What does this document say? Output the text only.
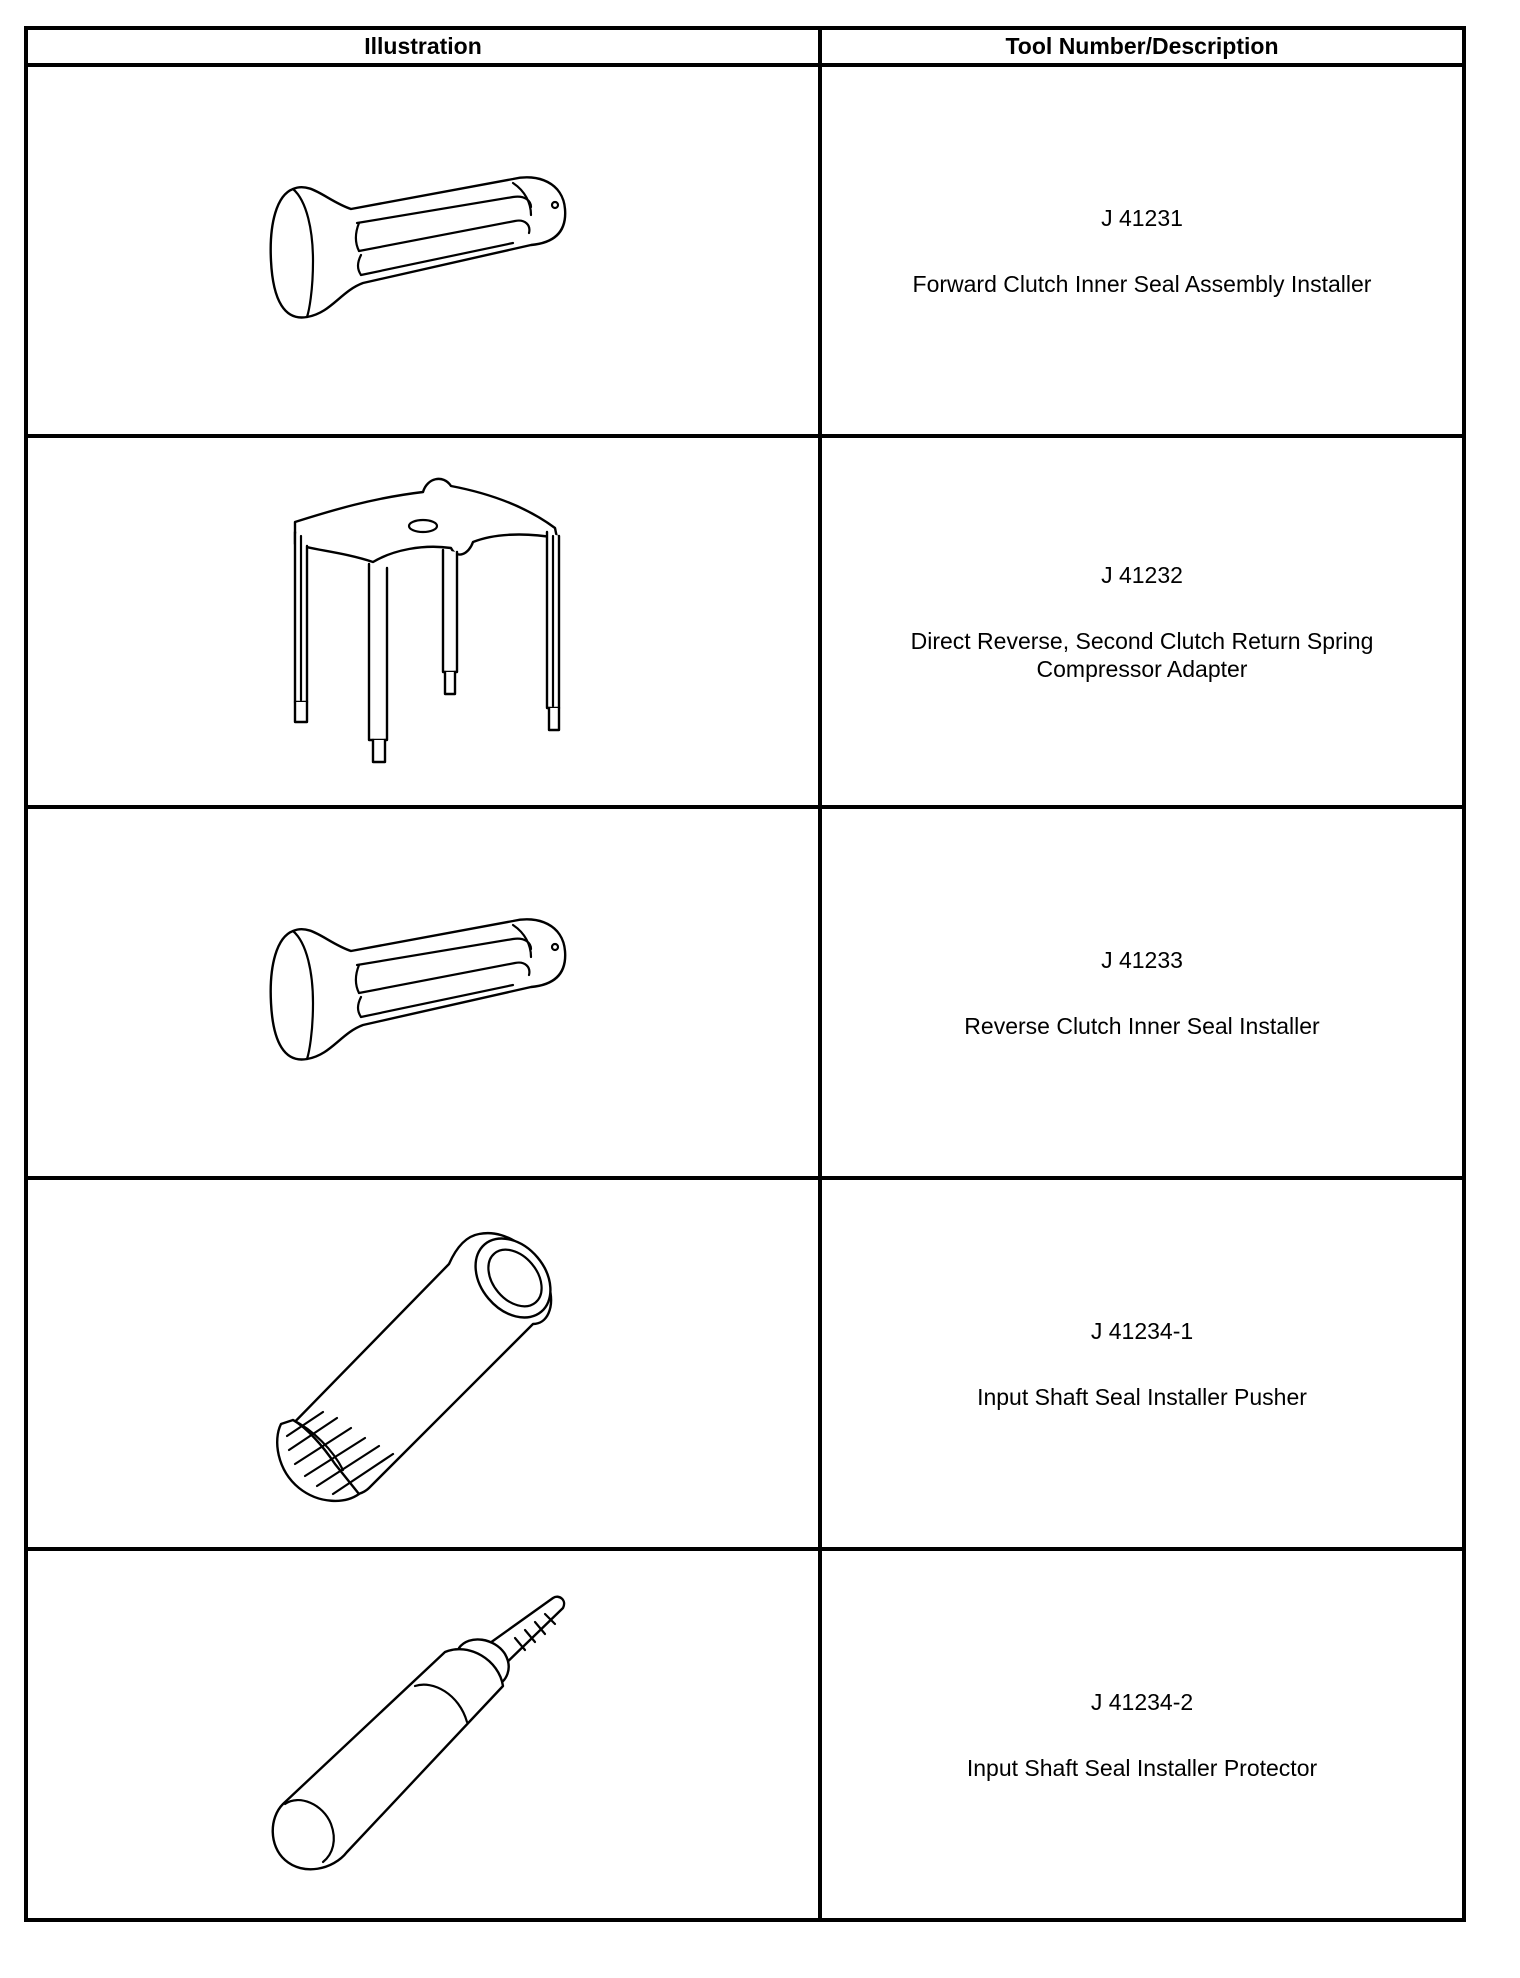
Illustration	Tool Number/Description

J 41231
Forward Clutch Inner Seal Assembly Installer

J 41232
Direct Reverse, Second Clutch Return Spring Compressor Adapter

J 41233
Reverse Clutch Inner Seal Installer

J 41234-1
Input Shaft Seal Installer Pusher

J 41234-2
Input Shaft Seal Installer Protector
